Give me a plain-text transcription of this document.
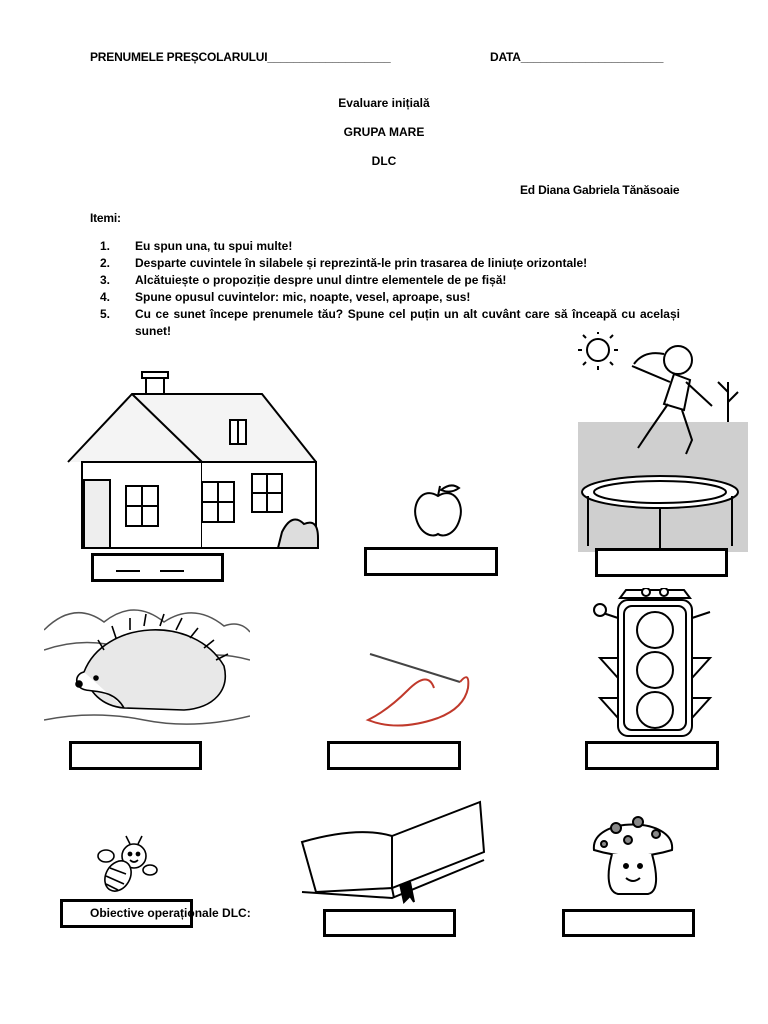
PRENUMELE PREȘCOLARULUI___________________	DATA______________________
Evaluare inițială
GRUPA MARE
DLC
Ed Diana Gabriela Tănăsoaie
Itemi:
1.	Eu spun una, tu spui multe!
2.	Desparte cuvintele în silabele și reprezintă-le prin trasarea de liniuțe orizontale!
3.	Alcătuiește o propoziție despre unul dintre elementele de pe fișă!
4.	Spune opusul cuvintelor: mic, noapte, vesel, aproape, sus!
5.	Cu ce sunet începe prenumele tău? Spune cel puțin un alt cuvânt care să înceapă cu același
sunet!
Obiective operaționale DLC:
